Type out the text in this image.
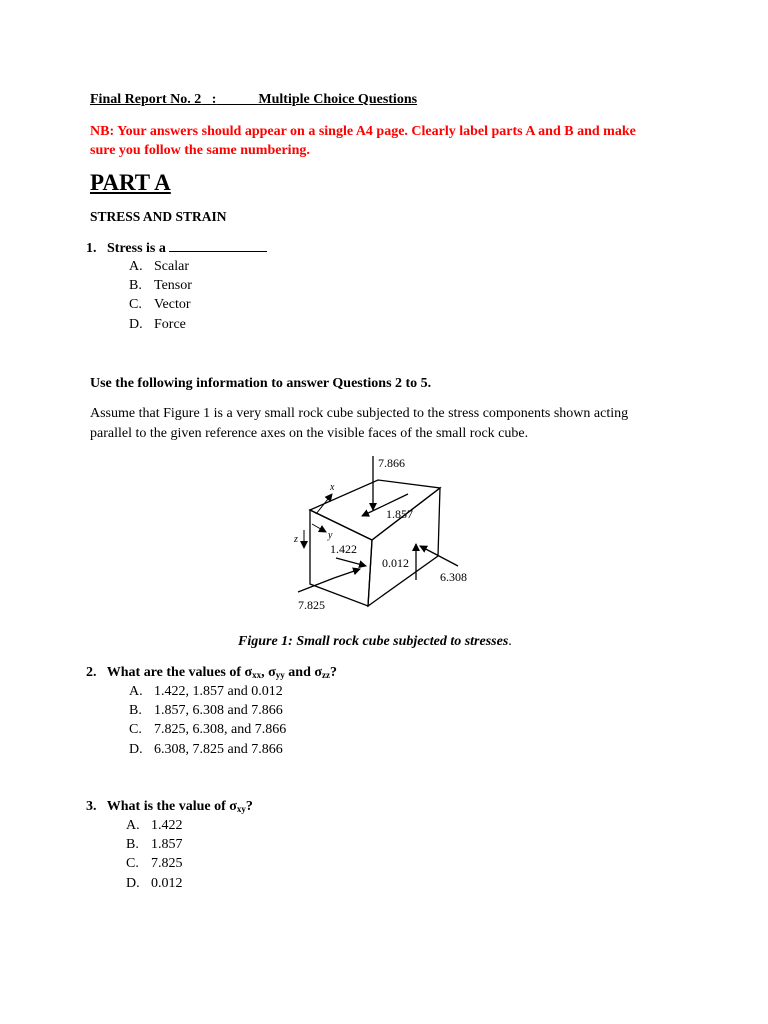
Final Report No. 2 :	Multiple Choice Questions

NB: Your answers should appear on a single A4 page. Clearly label parts A and B and make

sure you follow the same numbering.

PART A

STRESS AND STRAIN

1. Stress is a

A. Scalar
B. Tensor
C. Vector
D. Force

Use the following information to answer Questions 2 to 5.

Assume that Figure 1 is a very small rock cube subjected to the stress components shown acting

parallel to the given reference axes on the visible faces of the small rock cube.

7.866
1.857
1.422
0.012
6.308
7.825
x
y
z

Figure 1: Small rock cube subjected to stresses.

2. What are the values of $\sigma_{xx}$, $\sigma_{yy}$ and $\sigma_{zz}$?

A. 1.422, 1.857 and 0.012
B. 1.857, 6.308 and 7.866
C. 7.825, 6.308, and 7.866
D. 6.308, 7.825 and 7.866

3. What is the value of $\sigma_{xy}$?

A. 1.422
B. 1.857
C. 7.825
D. 0.012
